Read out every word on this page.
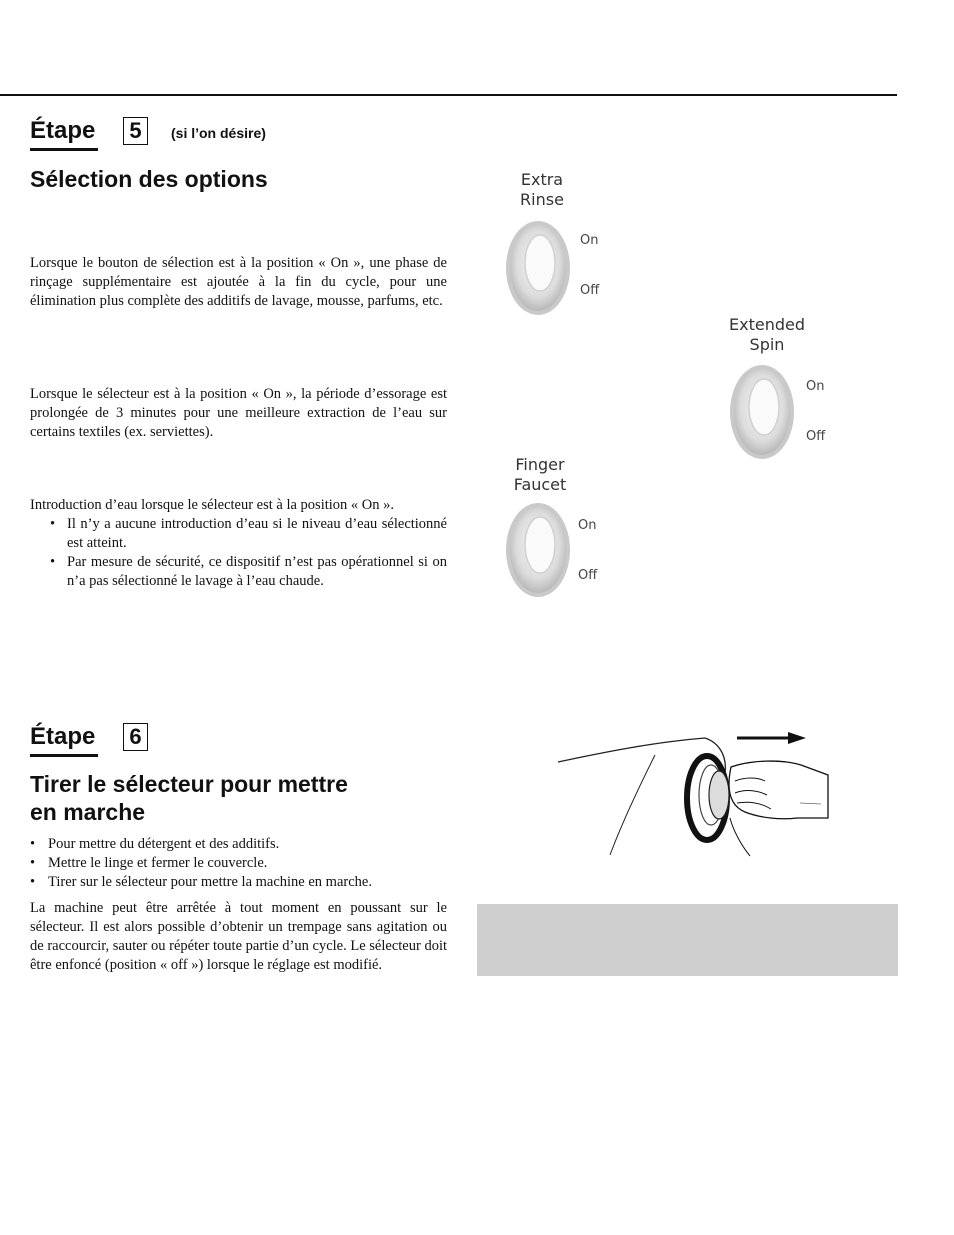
Étape 5	(si l’on désire)
Sélection des options

Lorsque le bouton de sélection est à la position « On », une phase de rinçage supplémentaire est ajoutée à la fin du cycle, pour une élimination plus complète des additifs de lavage, mousse, parfums, etc.

Lorsque le sélecteur est à la position « On », la période d’essorage est prolongée de 3 minutes pour une meilleure extraction de l’eau sur certains textiles (ex. serviettes).

Introduction d’eau lorsque le sélecteur est à la position « On ».

• Il n’y a aucune introduction d’eau si le niveau d’eau sélectionné est atteint.
• Par mesure de sécurité, ce dispositif n’est pas opérationnel si on n’a pas sélectionné le lavage à l’eau chaude.
Extra
Rinse
On
Off
Extended
Spin
On
Off
Finger
Faucet
On
Off
Étape 6
Tirer le sélecteur pour mettre
en marche
• Pour mettre du détergent et des additifs.
• Mettre le linge et fermer le couvercle.
• Tirer sur le sélecteur pour mettre la machine en marche.

La machine peut être arrêtée à tout moment en poussant sur le sélecteur. Il est alors possible d’obtenir un trempage sans agitation ou de raccourcir, sauter ou répéter toute partie d’un cycle. Le sélecteur doit être enfoncé (position « off ») lorsque le réglage est modifié.
